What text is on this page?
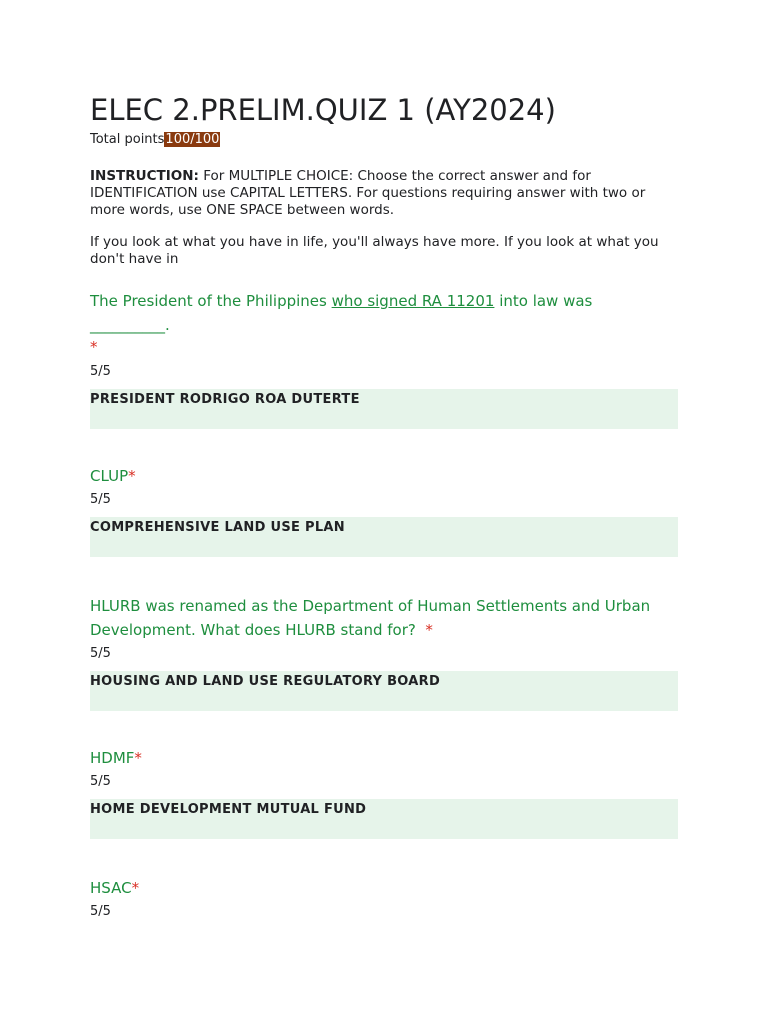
ELEC 2.PRELIM.QUIZ 1 (AY2024)
Total points100/100
INSTRUCTION: For MULTIPLE CHOICE: Choose the correct answer and for IDENTIFICATION use CAPITAL LETTERS. For questions requiring answer with two or more words, use ONE SPACE between words.
If you look at what you have in life, you'll always have more. If you look at what you don't have in
The President of the Philippines who signed RA 11201 into law was
__________.
*
5/5
PRESIDENT RODRIGO ROA DUTERTE
CLUP*
5/5
COMPREHENSIVE LAND USE PLAN
HLURB was renamed as the Department of Human Settlements and Urban Development. What does HLURB stand for? *
5/5
HOUSING AND LAND USE REGULATORY BOARD
HDMF*
5/5
HOME DEVELOPMENT MUTUAL FUND
HSAC*
5/5
